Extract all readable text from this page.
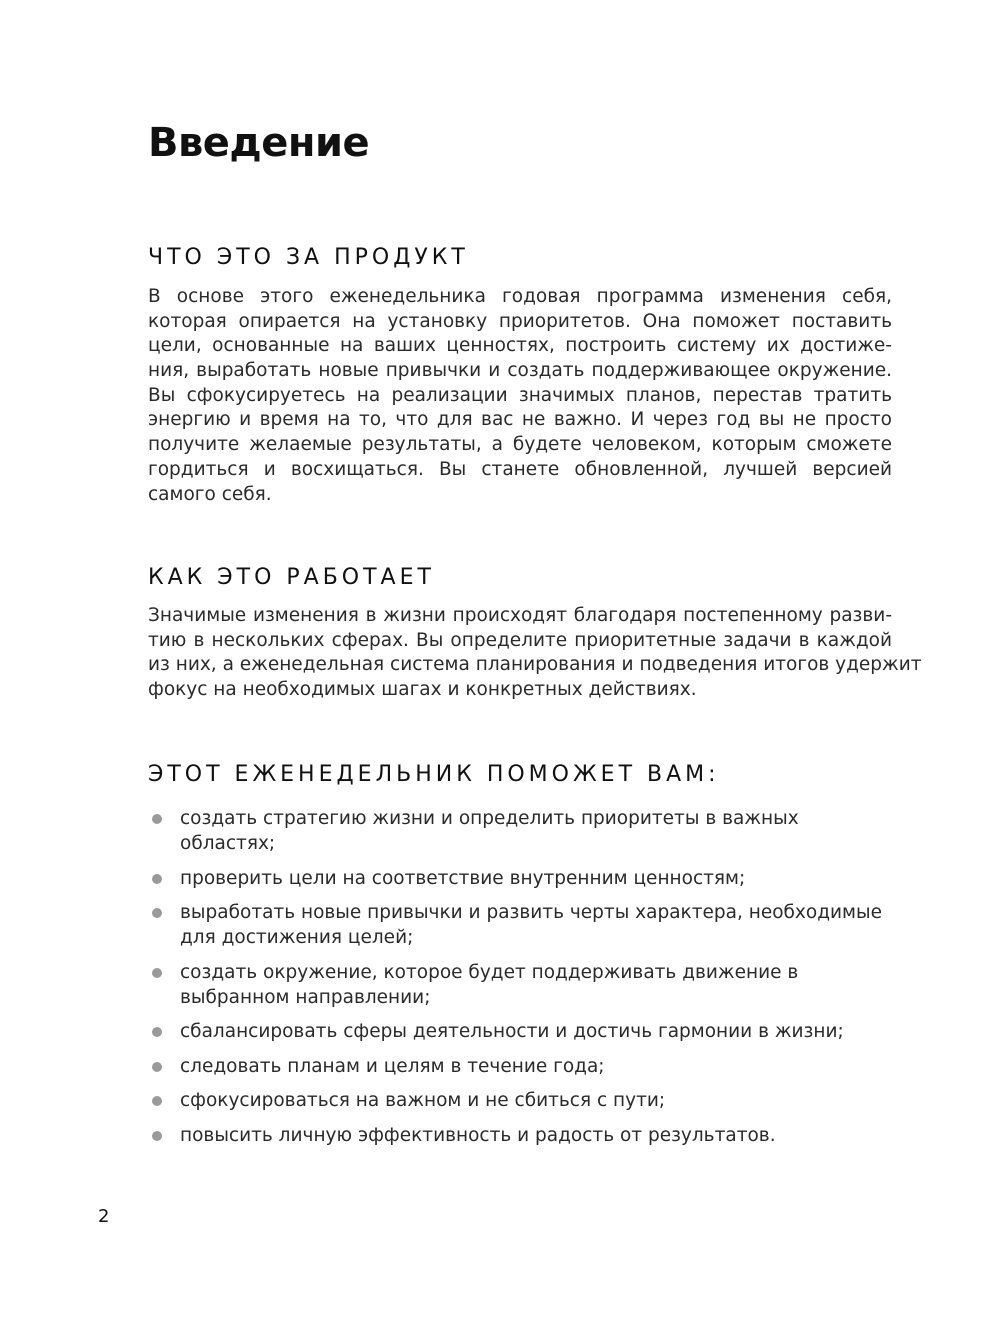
Введение
ЧТО ЭТО ЗА ПРОДУКТ
В основе этого еженедельника годовая программа изменения себя,
которая опирается на установку приоритетов. Она поможет поставить
цели, основанные на ваших ценностях, построить систему их достиже-
ния, выработать новые привычки и создать поддерживающее окружение.
Вы сфокусируетесь на реализации значимых планов, перестав тратить
энергию и время на то, что для вас не важно. И через год вы не просто
получите желаемые результаты, а будете человеком, которым сможете
гордиться и восхищаться. Вы станете обновленной, лучшей версией
самого себя.
КАК ЭТО РАБОТАЕТ
Значимые изменения в жизни происходят благодаря постепенному разви-
тию в нескольких сферах. Вы определите приоритетные задачи в каждой
из них, а еженедельная система планирования и подведения итогов удержит
фокус на необходимых шагах и конкретных действиях.
ЭТОТ ЕЖЕНЕДЕЛЬНИК ПОМОЖЕТ ВАМ:
создать стратегию жизни и определить приоритеты в важных областях;
проверить цели на соответствие внутренним ценностям;
выработать новые привычки и развить черты характера, необходимые для достижения целей;
создать окружение, которое будет поддерживать движение в выбранном направлении;
сбалансировать сферы деятельности и достичь гармонии в жизни;
следовать планам и целям в течение года;
сфокусироваться на важном и не сбиться с пути;
повысить личную эффективность и радость от результатов.
2
